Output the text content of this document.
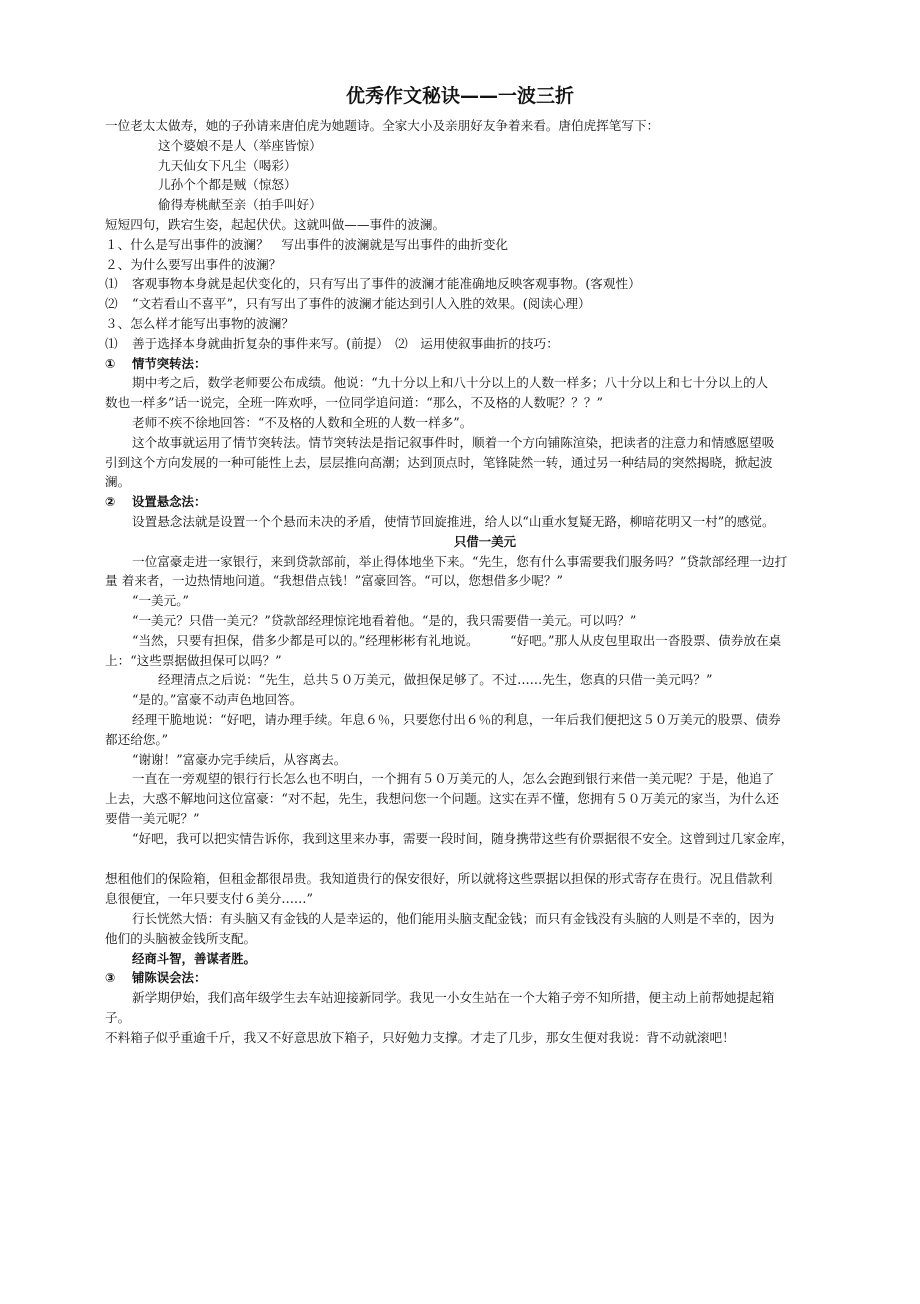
优秀作文秘诀——一波三折

一位老太太做寿，她的子孙请来唐伯虎为她题诗。全家大小及亲朋好友争着来看。唐伯虎挥笔写下：

这个婆娘不是人（举座皆惊）

九天仙女下凡尘（喝彩）

儿孙个个都是贼（惊怒）

偷得寿桃献至亲（拍手叫好）

短短四句，跌宕生姿，起起伏伏。这就叫做——事件的波澜。

１、什么是写出事件的波澜？　写出事件的波澜就是写出事件的曲折变化

２、为什么要写出事件的波澜？

⑴ 客观事物本身就是起伏变化的，只有写出了事件的波澜才能准确地反映客观事物。(客观性）

⑵ “文若看山不喜平”，只有写出了事件的波澜才能达到引人入胜的效果。(阅读心理）

３、怎么样才能写出事物的波澜？

⑴ 善于选择本身就曲折复杂的事件来写。(前提）　⑵　运用使叙事曲折的技巧：

① 情节突转法：

期中考之后，数学老师要公布成绩。他说：“九十分以上和八十分以上的人数一样多；八十分以上和七十分以上的人

数也一样多”话一说完，全班一阵欢呼，一位同学追问道：“那么，不及格的人数呢？？？”

老师不疾不徐地回答：“不及格的人数和全班的人数一样多”。

这个故事就运用了情节突转法。情节突转法是指记叙事件时，顺着一个方向铺陈渲染，把读者的注意力和情感愿望吸

引到这个方向发展的一种可能性上去，层层推向高潮；达到顶点时，笔锋陡然一转，通过另一种结局的突然揭晓，掀起波

澜。

② 设置悬念法：

设置悬念法就是设置一个个悬而未决的矛盾，使情节回旋推进，给人以“山重水复疑无路，柳暗花明又一村”的感觉。

只借一美元

一位富豪走进一家银行，来到贷款部前，举止得体地坐下来。“先生，您有什么事需要我们服务吗？”贷款部经理一边打

量 着来者，一边热情地问道。“我想借点钱！”富豪回答。“可以，您想借多少呢？”

“一美元。”

“一美元？只借一美元？”贷款部经理惊诧地看着他。“是的，我只需要借一美元。可以吗？”

“当然，只要有担保，借多少都是可以的。”经理彬彬有礼地说。　　　“好吧。”那人从皮包里取出一沓股票、债券放在桌

上：“这些票据做担保可以吗？”

经理清点之后说：“先生，总共５０万美元，做担保足够了。不过……先生，您真的只借一美元吗？”

“是的。”富豪不动声色地回答。

经理干脆地说：“好吧，请办理手续。年息６％，只要您付出６％的利息，一年后我们便把这５０万美元的股票、债券

都还给您。”

“谢谢！”富豪办完手续后，从容离去。

一直在一旁观望的银行行长怎么也不明白，一个拥有５０万美元的人，怎么会跑到银行来借一美元呢？于是，他追了

上去，大惑不解地问这位富豪：“对不起，先生，我想问您一个问题。这实在弄不懂，您拥有５０万美元的家当，为什么还

要借一美元呢？”

“好吧，我可以把实情告诉你，我到这里来办事，需要一段时间，随身携带这些有价票据很不安全。这曾到过几家金库，

想租他们的保险箱，但租金都很昂贵。我知道贵行的保安很好，所以就将这些票据以担保的形式寄存在贵行。况且借款利

息很便宜，一年只要支付６美分……”

行长恍然大悟：有头脑又有金钱的人是幸运的，他们能用头脑支配金钱；而只有金钱没有头脑的人则是不幸的，因为

他们的头脑被金钱所支配。

经商斗智，善谋者胜。

③ 铺陈误会法：

新学期伊始，我们高年级学生去车站迎接新同学。我见一小女生站在一个大箱子旁不知所措，便主动上前帮她提起箱

子。

不料箱子似乎重逾千斤，我又不好意思放下箱子，只好勉力支撑。才走了几步，那女生便对我说：背不动就滚吧！
